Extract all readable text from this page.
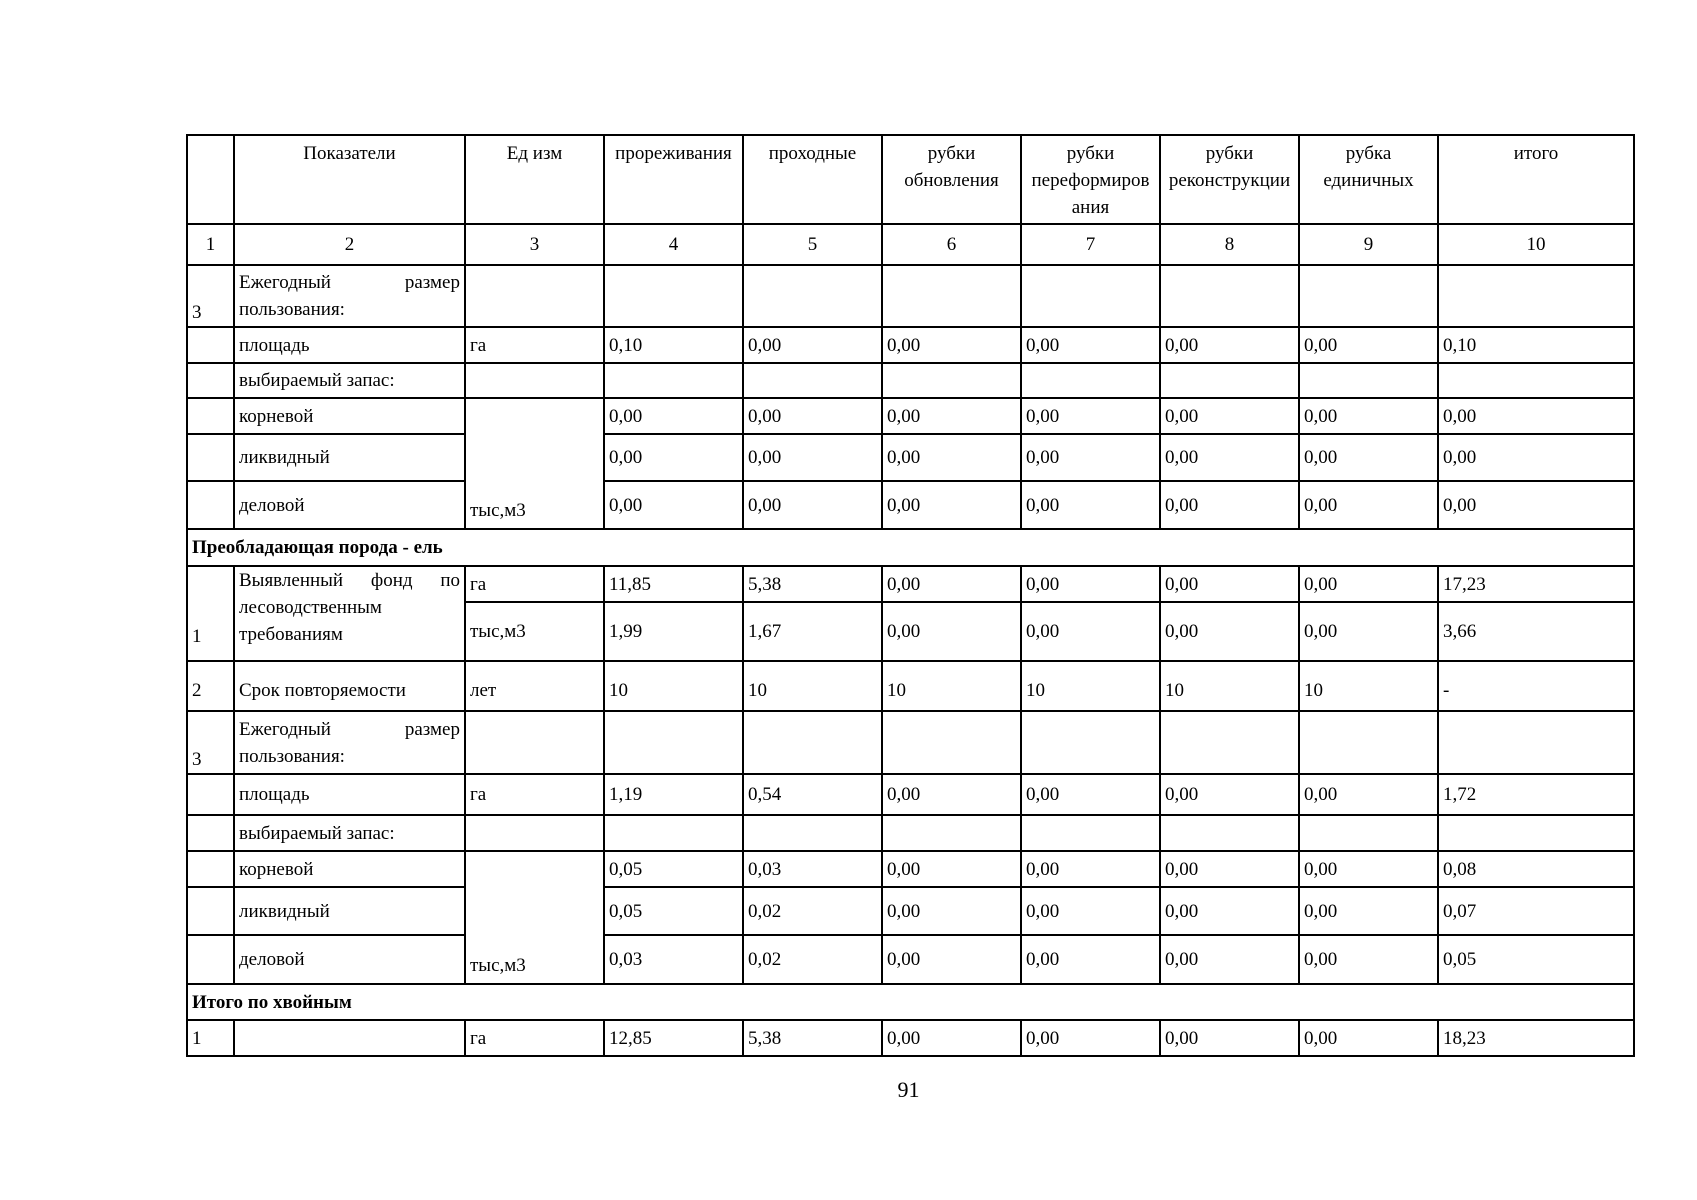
	Показатели	Ед изм	прореживания	проходные	рубки обновления	рубки переформиров ания	рубки реконструкции	рубка единичных	итого
1	2	3	4	5	6	7	8	9	10
3	Ежегодный размер пользования:								
	площадь	га	0,10	0,00	0,00	0,00	0,00	0,00	0,10
	выбираемый запас:								
	корневой	тыс,м3	0,00	0,00	0,00	0,00	0,00	0,00	0,00
	ликвидный		0,00	0,00	0,00	0,00	0,00	0,00	0,00
	деловой		0,00	0,00	0,00	0,00	0,00	0,00	0,00
Преобладающая порода - ель									
1	Выявленный фонд по лесоводственным требованиям	га	11,85	5,38	0,00	0,00	0,00	0,00	17,23
		тыс,м3	1,99	1,67	0,00	0,00	0,00	0,00	3,66
2	Срок повторяемости	лет	10	10	10	10	10	10	-
3	Ежегодный размер пользования:								
	площадь	га	1,19	0,54	0,00	0,00	0,00	0,00	1,72
	выбираемый запас:								
	корневой	тыс,м3	0,05	0,03	0,00	0,00	0,00	0,00	0,08
	ликвидный		0,05	0,02	0,00	0,00	0,00	0,00	0,07
	деловой		0,03	0,02	0,00	0,00	0,00	0,00	0,05
Итого по хвойным									
1		га	12,85	5,38	0,00	0,00	0,00	0,00	18,23
91
